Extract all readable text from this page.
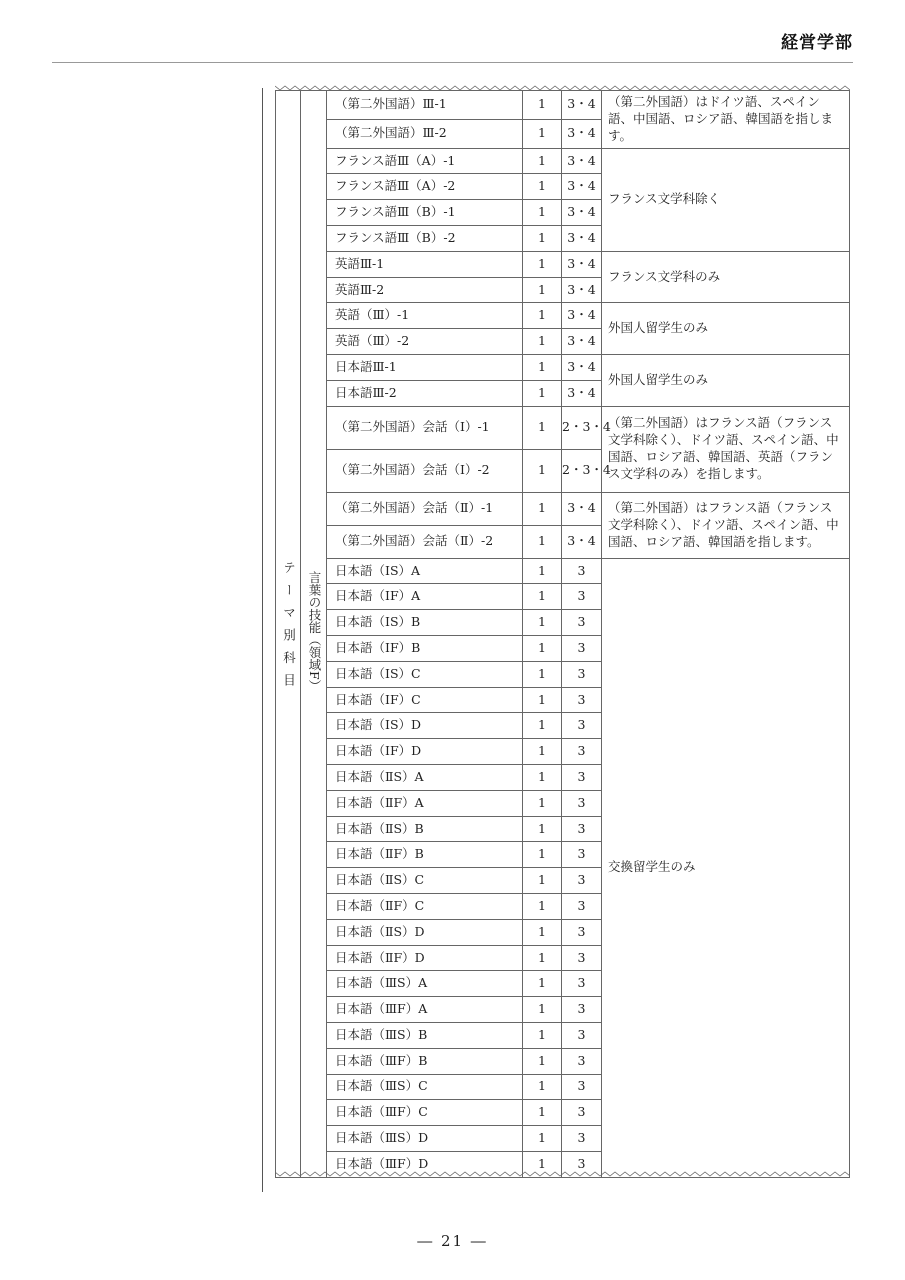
経営学部
テーマ別科目	言葉の技能（領域F）	（第二外国語）Ⅲ-1	1	3・4	（第二外国語）はドイツ語、スペイン語、中国語、ロシア語、韓国語を指します。

（第二外国語）Ⅲ-2	1	3・4	

フランス語Ⅲ（A）-1	1	3・4	フランス文学科除く

フランス語Ⅲ（A）-2	1	3・4	

フランス語Ⅲ（B）-1	1	3・4	

フランス語Ⅲ（B）-2	1	3・4	

英語Ⅲ-1	1	3・4	フランス文学科のみ

英語Ⅲ-2	1	3・4	

英語（Ⅲ）-1	1	3・4	外国人留学生のみ

英語（Ⅲ）-2	1	3・4	

日本語Ⅲ-1	1	3・4	外国人留学生のみ

日本語Ⅲ-2	1	3・4	

		（第二外国語）会話（Ⅰ）-1	1	2・3・4	（第二外国語）はフランス語（フランス文学科除く）、ドイツ語、スペイン語、中国語、ロシア語、韓国語、英語（フランス文学科のみ）を指します。

		（第二外国語）会話（Ⅰ）-2	1	2・3・4	

		（第二外国語）会話（Ⅱ）-1	1	3・4	（第二外国語）はフランス語（フランス文学科除く）、ドイツ語、スペイン語、中国語、ロシア語、韓国語を指します。

		（第二外国語）会話（Ⅱ）-2	1	3・4	

日本語（ⅠS）A	1	3	交換留学生のみ

日本語（ⅠF）A	1	3	

日本語（ⅠS）B	1	3	

日本語（ⅠF）B	1	3	

日本語（ⅠS）C	1	3	

日本語（ⅠF）C	1	3	

日本語（ⅠS）D	1	3	

日本語（ⅠF）D	1	3	

日本語（ⅡS）A	1	3	

日本語（ⅡF）A	1	3	

日本語（ⅡS）B	1	3	

日本語（ⅡF）B	1	3	

日本語（ⅡS）C	1	3	

日本語（ⅡF）C	1	3	

日本語（ⅡS）D	1	3	

日本語（ⅡF）D	1	3	

日本語（ⅢS）A	1	3	

日本語（ⅢF）A	1	3	

日本語（ⅢS）B	1	3	

日本語（ⅢF）B	1	3	

日本語（ⅢS）C	1	3	

日本語（ⅢF）C	1	3	

日本語（ⅢS）D	1	3	

日本語（ⅢF）D	1	3	
― 21 ―
